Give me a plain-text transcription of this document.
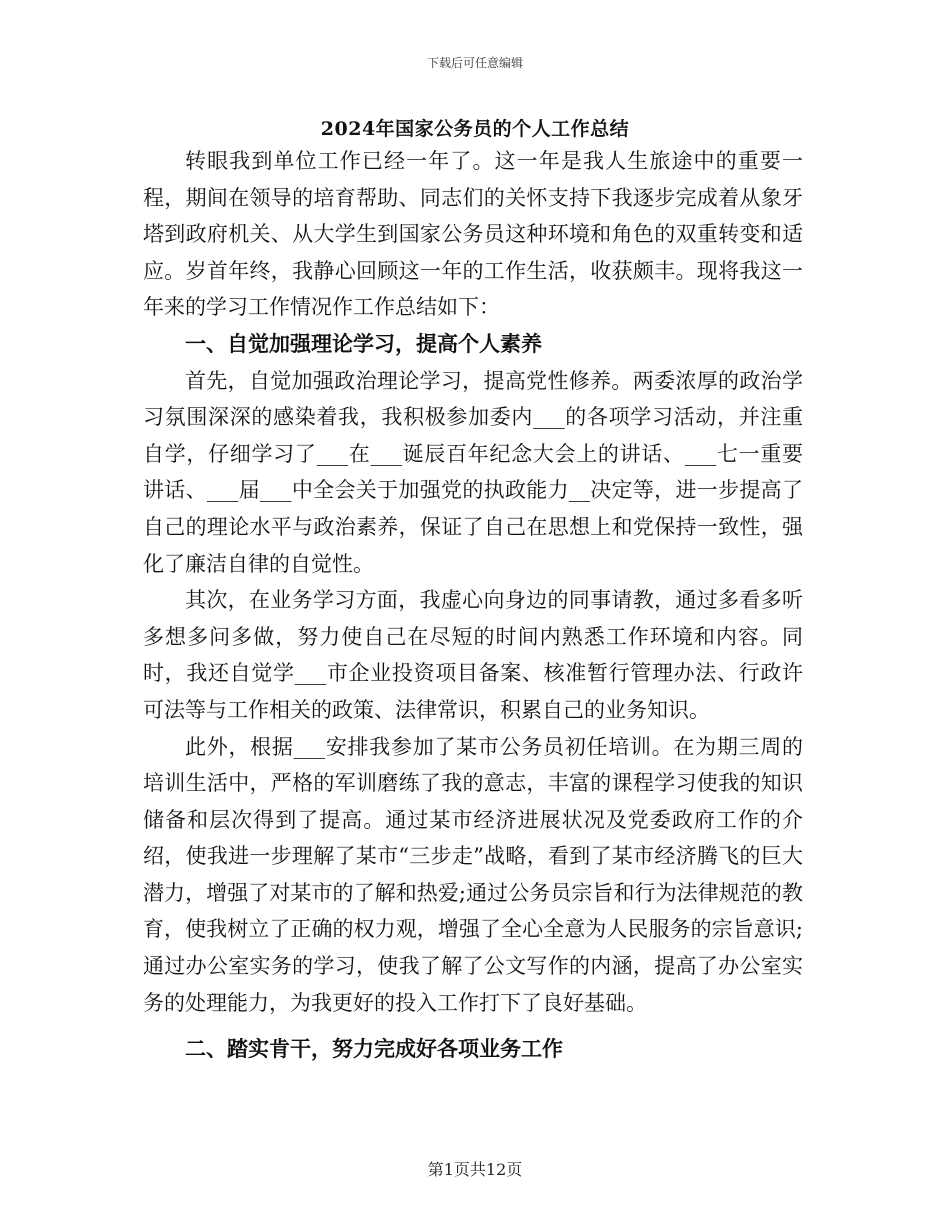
下载后可任意编辑
2024年国家公务员的个人工作总结

转眼我到单位工作已经一年了。这一年是我人生旅途中的重要一程，期间在领导的培育帮助、同志们的关怀支持下我逐步完成着从象牙塔到政府机关、从大学生到国家公务员这种环境和角色的双重转变和适应。岁首年终，我静心回顾这一年的工作生活，收获颇丰。现将我这一年来的学习工作情况作工作总结如下：

一、自觉加强理论学习，提高个人素养

首先，自觉加强政治理论学习，提高党性修养。两委浓厚的政治学习氛围深深的感染着我，我积极参加委内___的各项学习活动，并注重自学，仔细学习了___在___诞辰百年纪念大会上的讲话、___七一重要讲话、___届___中全会关于加强党的执政能力__决定等，进一步提高了自己的理论水平与政治素养，保证了自己在思想上和党保持一致性，强化了廉洁自律的自觉性。

其次，在业务学习方面，我虚心向身边的同事请教，通过多看多听多想多问多做，努力使自己在尽短的时间内熟悉工作环境和内容。同时，我还自觉学___市企业投资项目备案、核准暂行管理办法、行政许可法等与工作相关的政策、法律常识，积累自己的业务知识。

此外，根据___安排我参加了某市公务员初任培训。在为期三周的培训生活中，严格的军训磨练了我的意志，丰富的课程学习使我的知识储备和层次得到了提高。通过某市经济进展状况及党委政府工作的介绍，使我进一步理解了某市“三步走”战略，看到了某市经济腾飞的巨大潜力，增强了对某市的了解和热爱;通过公务员宗旨和行为法律规范的教育，使我树立了正确的权力观，增强了全心全意为人民服务的宗旨意识;通过办公室实务的学习，使我了解了公文写作的内涵，提高了办公室实务的处理能力，为我更好的投入工作打下了良好基础。

二、踏实肯干，努力完成好各项业务工作

第1页共12页
